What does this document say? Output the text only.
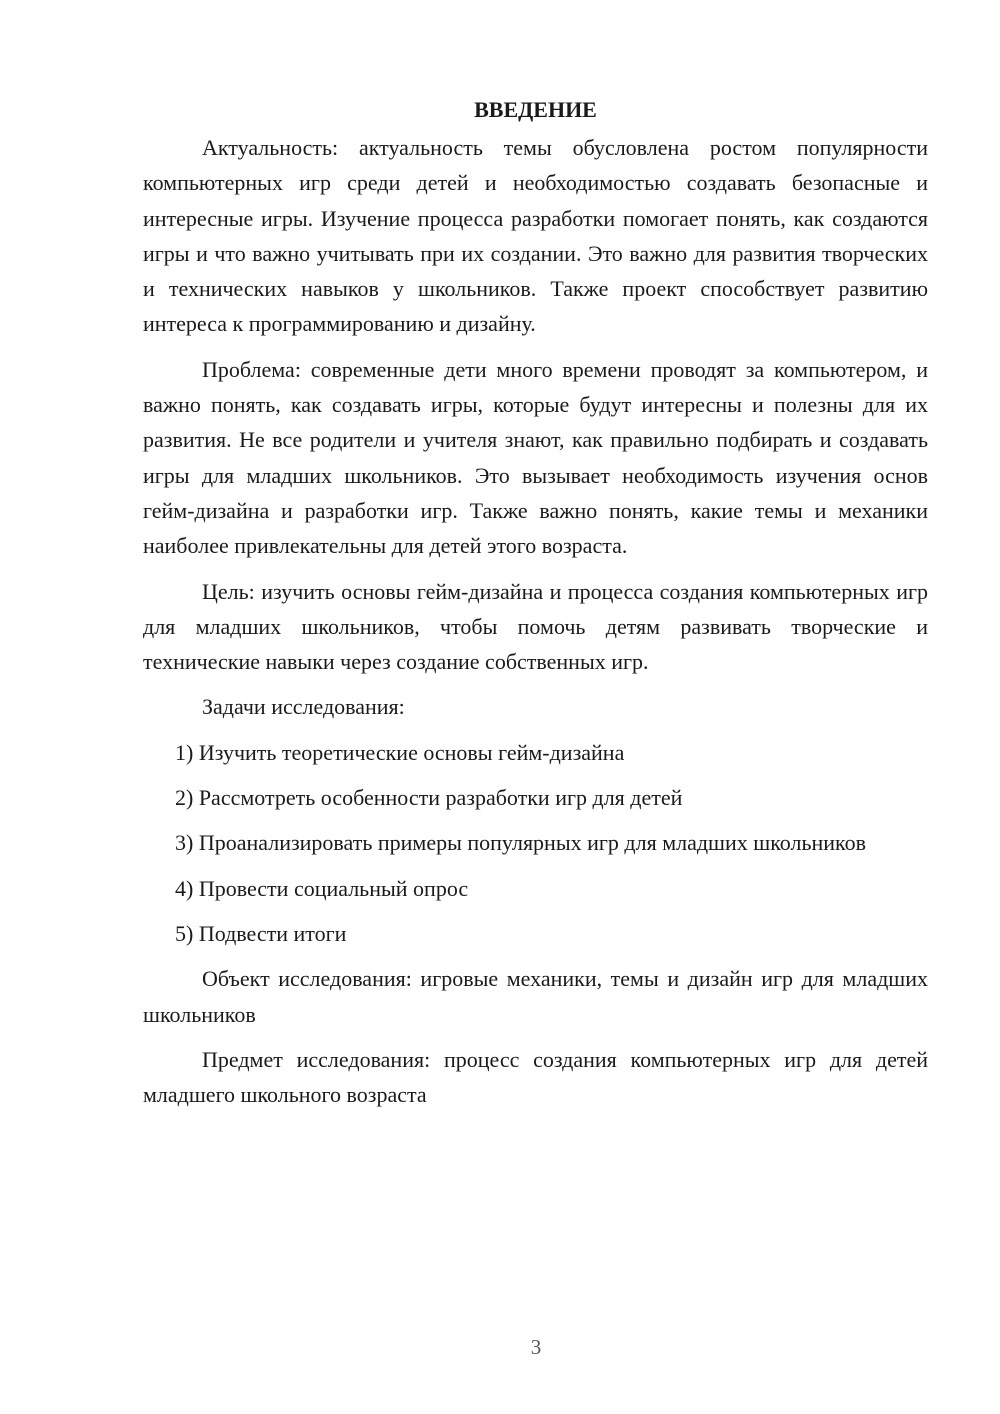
ВВЕДЕНИЕ

Актуальность: актуальность темы обусловлена ростом популярности компьютерных игр среди детей и необходимостью создавать безопасные и интересные игры. Изучение процесса разработки помогает понять, как создаются игры и что важно учитывать при их создании. Это важно для развития творческих и технических навыков у школьников. Также проект способствует развитию интереса к программированию и дизайну.

Проблема: современные дети много времени проводят за компьютером, и важно понять, как создавать игры, которые будут интересны и полезны для их развития. Не все родители и учителя знают, как правильно подбирать и создавать игры для младших школьников. Это вызывает необходимость изучения основ гейм-дизайна и разработки игр. Также важно понять, какие темы и механики наиболее привлекательны для детей этого возраста.

Цель: изучить основы гейм-дизайна и процесса создания компьютерных игр для младших школьников, чтобы помочь детям развивать творческие и технические навыки через создание собственных игр.

Задачи исследования:

1) Изучить теоретические основы гейм-дизайна

2) Рассмотреть особенности разработки игр для детей

3) Проанализировать примеры популярных игр для младших школьников

4) Провести социальный опрос

5) Подвести итоги

Объект исследования: игровые механики, темы и дизайн игр для младших школьников

Предмет исследования: процесс создания компьютерных игр для детей младшего школьного возраста

3
